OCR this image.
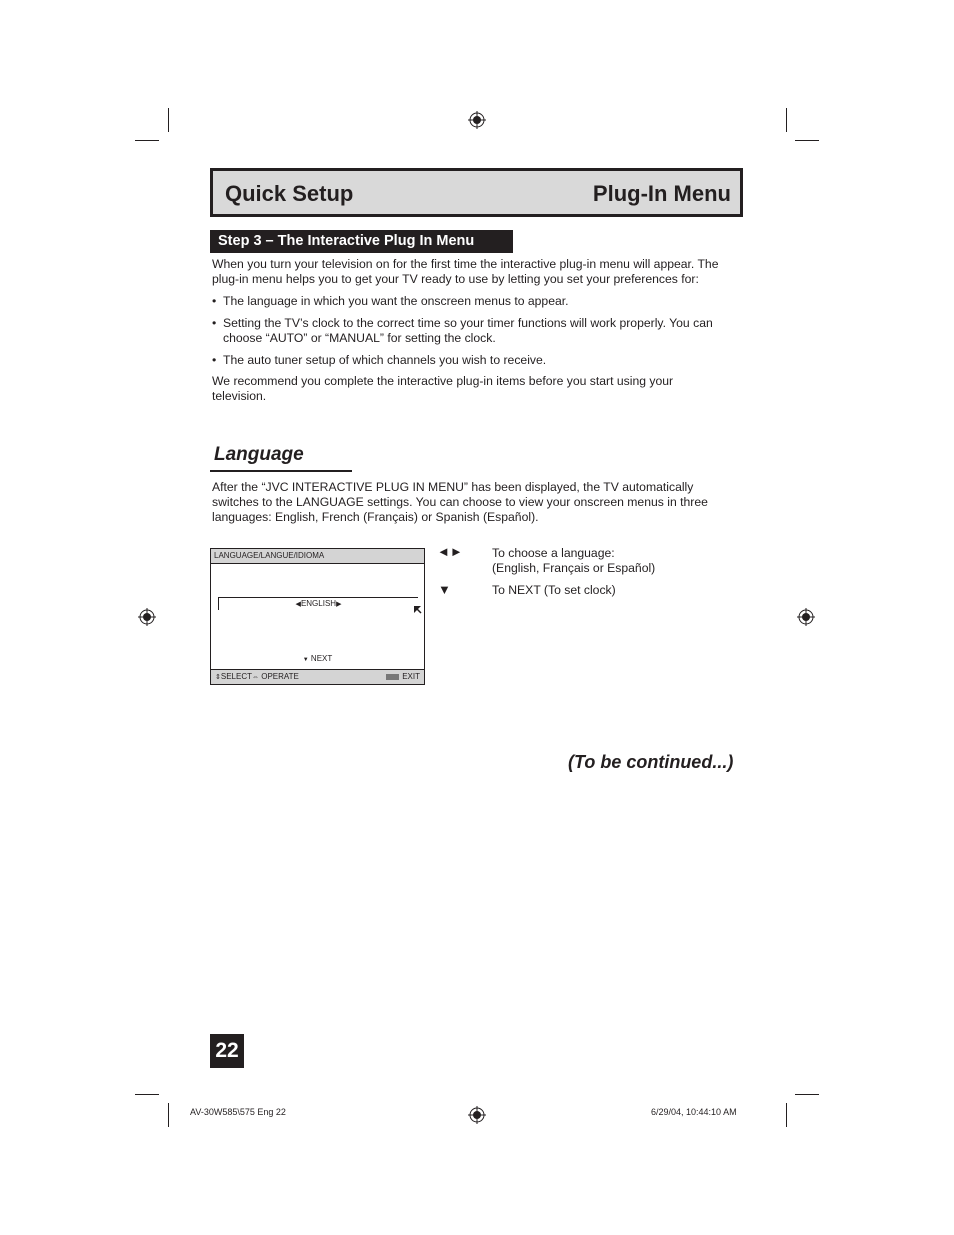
Quick Setup	Plug-In Menu
Step 3 – The Interactive Plug In Menu
When you turn your television on for the first time the interactive plug-in menu will appear. The
plug-in menu helps you to get your TV ready to use by letting you set your preferences for:
• The language in which you want the onscreen menus to appear.
• Setting the TV’s clock to the correct time so your timer functions will work properly. You can
choose “AUTO” or “MANUAL” for setting the clock.
• The auto tuner setup of which channels you wish to receive.
We recommend you complete the interactive plug-in items before you start using your
television.
Language
After the “JVC INTERACTIVE PLUG IN MENU” has been displayed, the TV automatically
switches to the LANGUAGE settings. You can choose to view your onscreen menus in three
languages: English, French (Français) or Spanish (Español).
LANGUAGE/LANGUE/IDIOMA
◀ENGLISH▶
▼ NEXT
⇕SELECT⇔ OPERATE	EXIT
◄► To choose a language:
(English, Français or Español)
▼	To NEXT (To set clock)
(To be continued...)
22
AV-30W585\575 Eng 22	6/29/04, 10:44:10 AM
